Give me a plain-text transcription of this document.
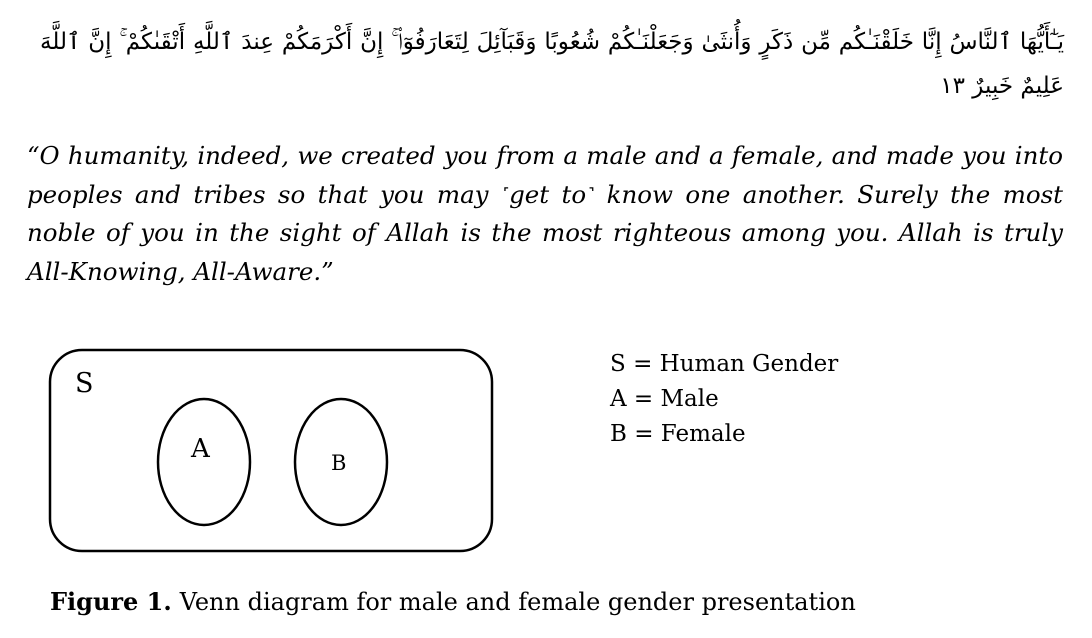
يَـٰٓأَيُّهَا ٱلنَّاسُ إِنَّا خَلَقْنَـٰكُم مِّن ذَكَرٍ وَأُنثَىٰ وَجَعَلْنَـٰكُمْ شُعُوبًا وَقَبَآئِلَ لِتَعَارَفُوٓا۟ ۚ إِنَّ أَكْرَمَكُمْ عِندَ ٱللَّهِ أَتْقَىٰكُمْ ۚ إِنَّ ٱللَّهَ عَلِيمٌ خَبِيرٌ ١٣
“O humanity, indeed, we created you from a male and a female, and made you into peoples and tribes so that you may ˹get to˺ know one another. Surely the most noble of you in the sight of Allah is the most righteous among you. Allah is truly All-Knowing, All-Aware.”
S
A	B
S = Human Gender
A = Male
B = Female
Figure 1. Venn diagram for male and female gender presentation
